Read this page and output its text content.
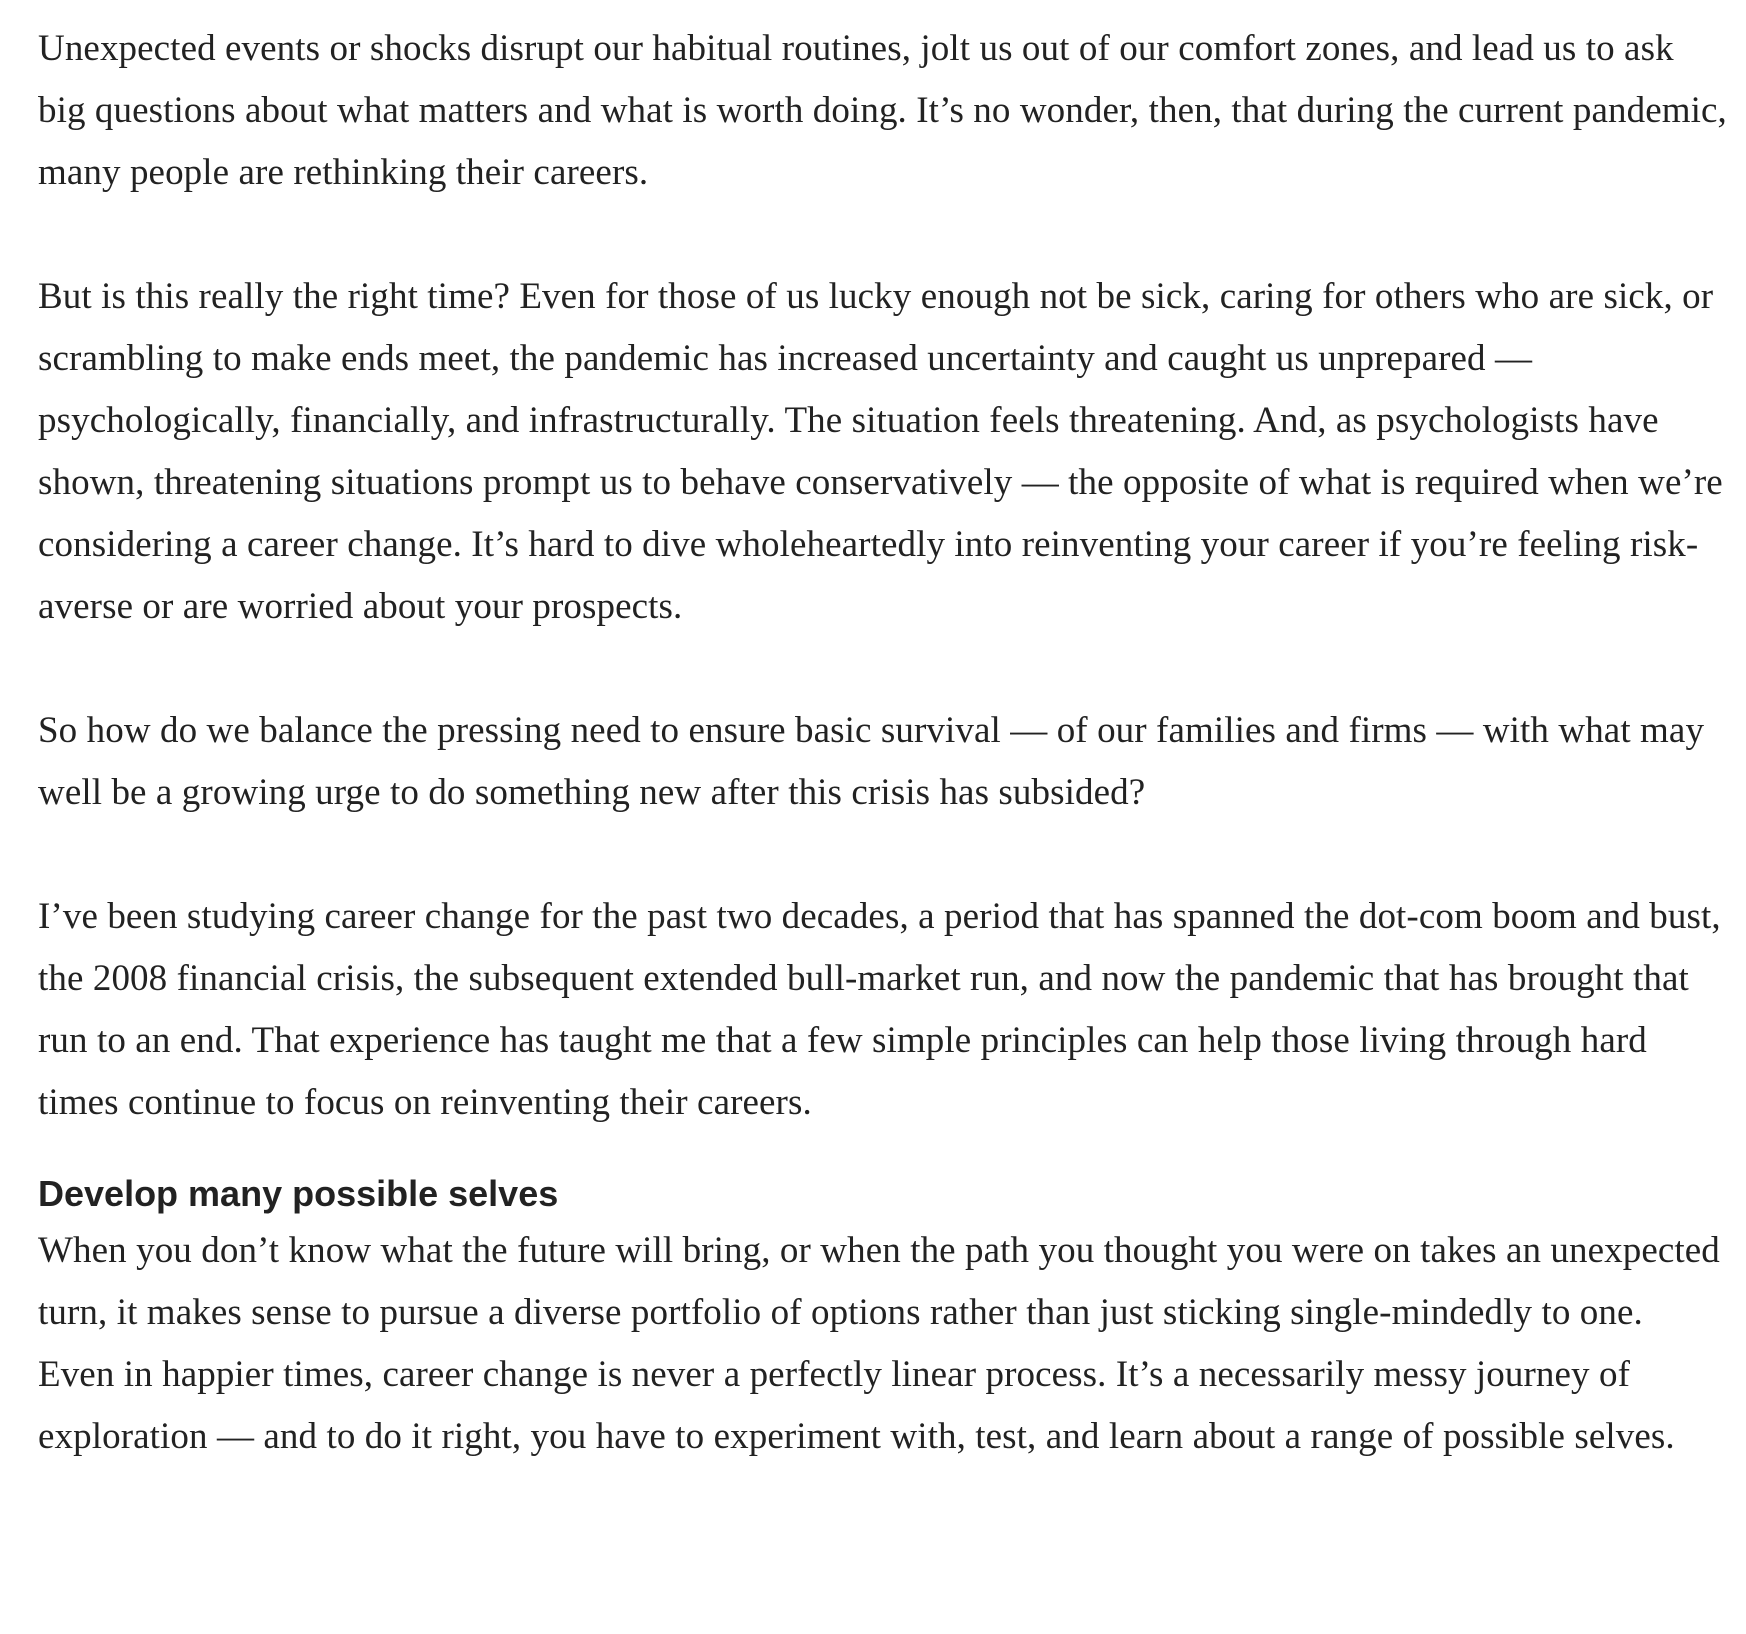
Unexpected events or shocks disrupt our habitual routines, jolt us out of our comfort zones, and lead us to ask big questions about what matters and what is worth doing. It’s no wonder, then, that during the current pandemic, many people are rethinking their careers.

But is this really the right time? Even for those of us lucky enough not be sick, caring for others who are sick, or scrambling to make ends meet, the pandemic has increased uncertainty and caught us unprepared — psychologically, financially, and infrastructurally. The situation feels threatening. And, as psychologists have shown, threatening situations prompt us to behave conservatively — the opposite of what is required when we’re considering a career change. It’s hard to dive wholeheartedly into reinventing your career if you’re feeling risk-averse or are worried about your prospects.

So how do we balance the pressing need to ensure basic survival — of our families and firms — with what may well be a growing urge to do something new after this crisis has subsided?

I’ve been studying career change for the past two decades, a period that has spanned the dot-com boom and bust, the 2008 financial crisis, the subsequent extended bull-market run, and now the pandemic that has brought that run to an end. That experience has taught me that a few simple principles can help those living through hard times continue to focus on reinventing their careers.

Develop many possible selves

When you don’t know what the future will bring, or when the path you thought you were on takes an unexpected turn, it makes sense to pursue a diverse portfolio of options rather than just sticking single-mindedly to one. Even in happier times, career change is never a perfectly linear process. It’s a necessarily messy journey of exploration — and to do it right, you have to experiment with, test, and learn about a range of possible selves.
